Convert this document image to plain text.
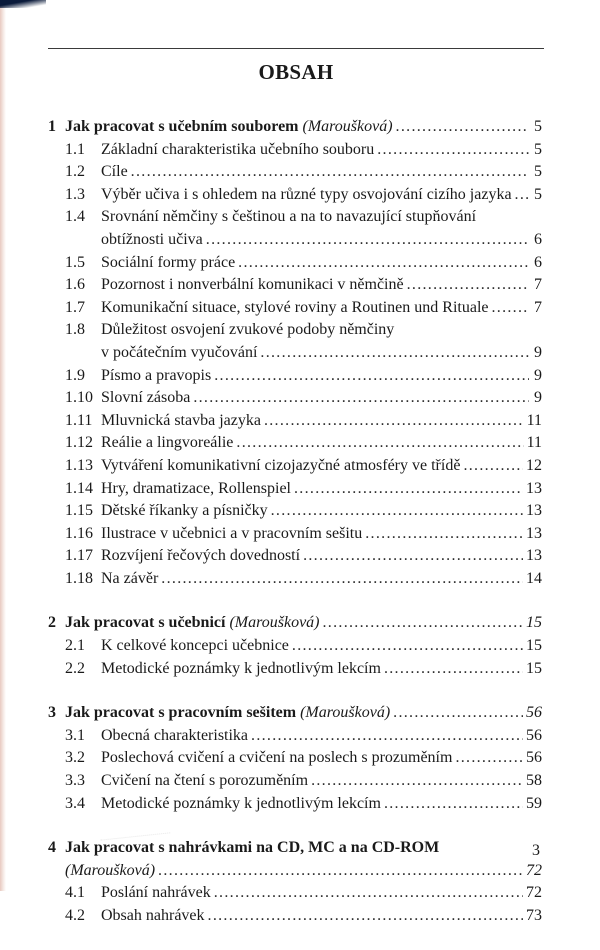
OBSAH
1 Jak pracovat s učebním souborem
(Maroušková) .....	5
1.1	Základní charakteristika učebního souboru .....	5
1.2	Cíle .....	5
1.3	Výběr učiva i s ohledem na různé typy osvojování cizího jazyka ..... 5
1.4	Srovnání němčiny s češtinou a na to navazující stupňování
obtížnosti učiva .....	6
1.5	Sociální formy práce .....	6
1.6	Pozornost i nonverbální komunikaci v němčině .....	7
1.7	Komunikační situace, stylové roviny a Routinen und Rituale .....	7
1.8	Důležitost osvojení zvukové podoby němčiny
v počátečním vyučování .....	9
1.9	Písmo a pravopis .....	9
1.10 Slovní zásoba .....	9
1.11 Mluvnická stavba jazyka .....	11
1.12 Reálie a lingvoreálie .....	11
1.13 Vytváření komunikativní cizojazyčné atmosféry ve třídě .....	12
1.14 Hry, dramatizace, Rollenspiel .....	13
1.15 Dětské říkanky a písničky .....	13
1.16 Ilustrace v učebnici a v pracovním sešitu .....	13
1.17 Rozvíjení řečových dovedností .....	13
1.18 Na závěr .....	14
2 Jak pracovat s učebnicí
(Maroušková) .....	15
2.1	K celkové koncepci učebnice .....	15
2.2	Metodické poznámky k jednotlivým lekcím .....	15
3 Jak pracovat s pracovním sešitem
(Maroušková) .....	56
3.1	Obecná charakteristika .....	56
3.2	Poslechová cvičení a cvičení na poslech s prozuměním .....	56
3.3	Cvičení na čtení s porozuměním .....	58
3.4	Metodické poznámky k jednotlivým lekcím .....	59
4 Jak pracovat s nahrávkami na CD, MC a na CD-ROM
(Maroušková) .....	72
4.1	Poslání nahrávek .....	72
4.2	Obsah nahrávek .....	73
3
